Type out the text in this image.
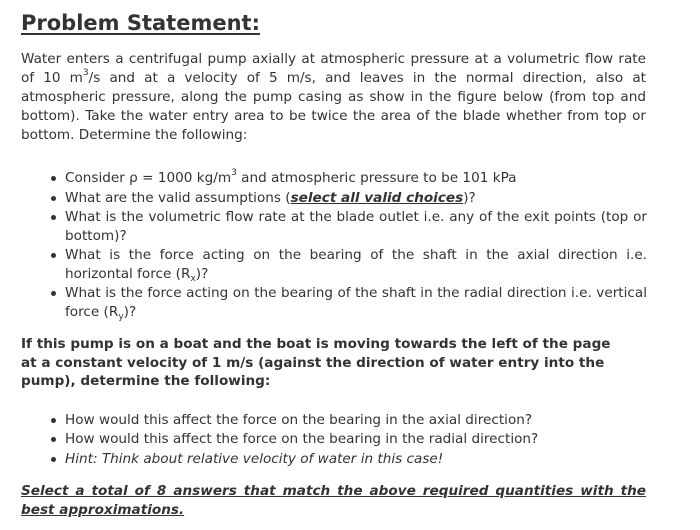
Problem Statement:

Water enters a centrifugal pump axially at atmospheric pressure at a volumetric flow rate of 10 $m^3/s$ and at a velocity of 5 m/s, and leaves in the normal direction, also at atmospheric pressure, along the pump casing as show in the figure below (from top and bottom). Take the water entry area to be twice the area of the blade whether from top or bottom. Determine the following:

Consider ρ = 1000 $kg/m^3$ and atmospheric pressure to be 101 kPa
What are the valid assumptions (select all valid choices)?
What is the volumetric flow rate at the blade outlet i.e. any of the exit points (top or bottom)?
What is the force acting on the bearing of the shaft in the axial direction i.e. horizontal force $(R_x)$?
What is the force acting on the bearing of the shaft in the radial direction i.e. vertical force $(R_y)$?

If this pump is on a boat and the boat is moving towards the left of the page at a constant velocity of 1 m/s (against the direction of water entry into the pump), determine the following:

How would this affect the force on the bearing in the axial direction?
How would this affect the force on the bearing in the radial direction?
Hint: Think about relative velocity of water in this case!

Select a total of 8 answers that match the above required quantities with the best approximations.
